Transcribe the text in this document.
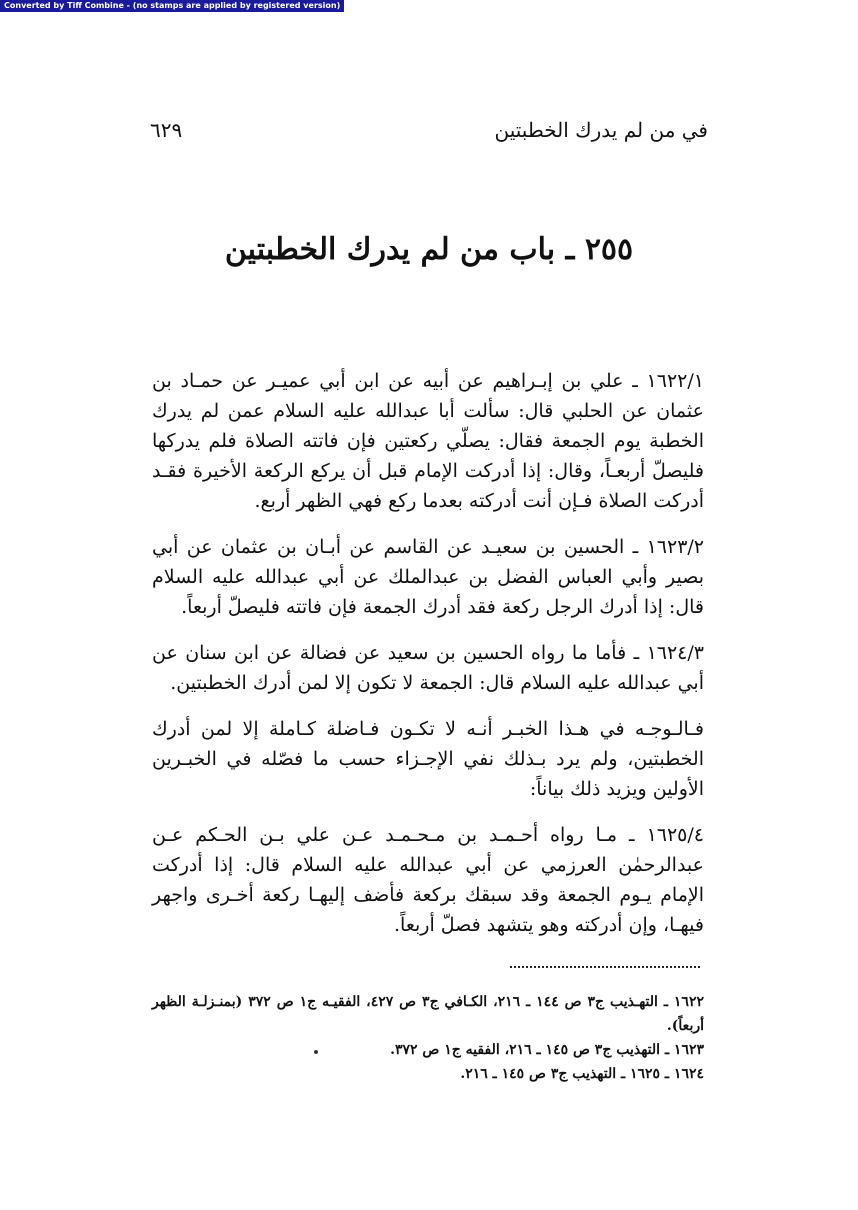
Converted by Tiff Combine - (no stamps are applied by registered version)
في من لم يدرك الخطبتين
٦٢٩
٢٥٥ ـ باب من لم يدرك الخطبتين

١٦٢٢/١ ـ علي بن إبـراهيم عن أبيه عن ابن أبي عميـر عن حمـاد بن عثمان عن الحلبي قال: سألت أبا عبدالله عليه السلام عمن لم يدرك الخطبة يوم الجمعة فقال: يصلّي ركعتين فإن فاتته الصلاة فلم يدركها فليصلّ أربعـاً، وقال: إذا أدركت الإمام قبل أن يركع الركعة الأخيرة فقـد أدركت الصلاة فـإن أنت أدركته بعدما ركع فهي الظهر أربع.

١٦٢٣/٢ ـ الحسين بن سعيـد عن القاسم عن أبـان بن عثمان عن أبي بصير وأبي العباس الفضل بن عبدالملك عن أبي عبدالله عليه السلام قال: إذا أدرك الرجل ركعة فقد أدرك الجمعة فإن فاتته فليصلّ أربعاً.

١٦٢٤/٣ ـ فأما ما رواه الحسين بن سعيد عن فضالة عن ابن سنان عن أبي عبدالله عليه السلام قال: الجمعة لا تكون إلا لمن أدرك الخطبتين.

فـالـوجـه في هـذا الخبـر أنـه لا تكـون فـاضلة كـاملة إلا لمن أدرك الخطبتين، ولم يرد بـذلك نفي الإجـزاء حسب ما فصّله في الخبـرين الأولين ويزيد ذلك بياناً:

١٦٢٥/٤ ـ مـا رواه أحـمـد بن مـحـمـد عـن علي بـن الحـكم عـن عبدالرحمٰن العرزمي عن أبي عبدالله عليه السلام قال: إذا أدركت الإمام يـوم الجمعة وقد سبقك بركعة فأضف إليهـا ركعة أخـرى واجهر فيهـا، وإن أدركته وهو يتشهد فصلّ أربعاً.

١٦٢٢ ـ التهـذيب ج٣ ص ١٤٤ ـ ٢١٦، الكـافي ج٣ ص ٤٢٧، الفقيـه ج١ ص ٣٧٢ (بمنـزلـة الظهر أربعاً).

١٦٢٣ ـ التهذيب ج٣ ص ١٤٥ ـ ٢١٦، الفقيه ج١ ص ٣٧٢.

١٦٢٤ ـ ١٦٢٥ ـ التهذيب ج٣ ص ١٤٥ ـ ٢١٦.
